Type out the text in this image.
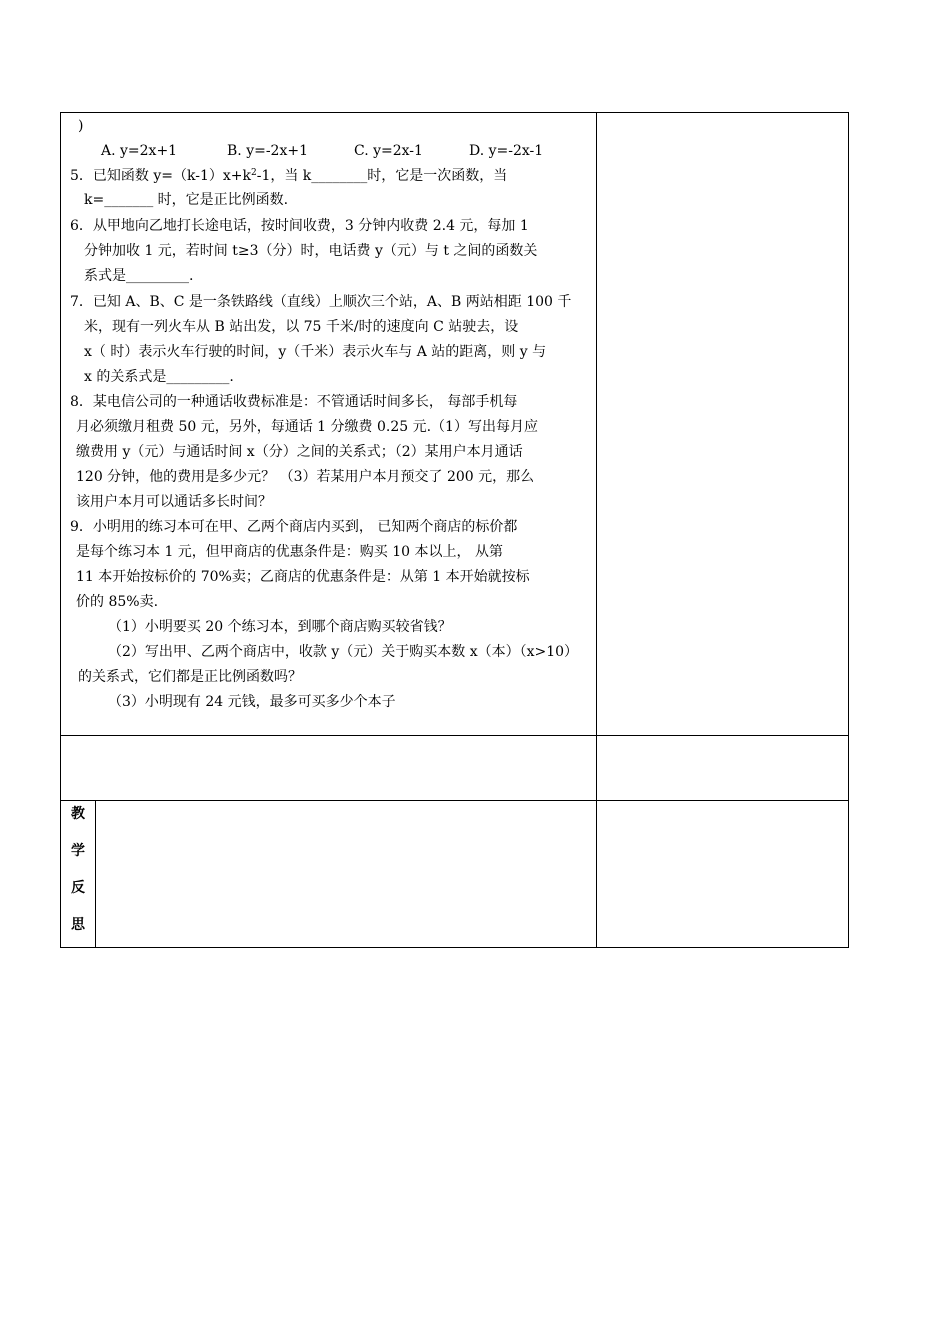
)
A. y=2x+1	B. y=-2x+1	C. y=2x-1	D. y=-2x-1
5．已知函数 $y=(k-1)x+k^2-1$，当 k________时，它是一次函数，当
k=_______ 时，它是正比例函数.
6．从甲地向乙地打长途电话，按时间收费，3 分钟内收费 2.4 元，每加 1
分钟加收 1 元，若时间 t≥3（分）时，电话费 y（元）与 t 之间的函数关
系式是_________.
7．已知 A、B、C 是一条铁路线（直线）上顺次三个站，A、B 两站相距 100 千
米，现有一列火车从 B 站出发，以 75 千米/时的速度向 C 站驶去，设
x（ 时）表示火车行驶的时间，y（千米）表示火车与 A 站的距离，则 y 与
x 的关系式是_________.
8．某电信公司的一种通话收费标准是：不管通话时间多长， 每部手机每
月必须缴月租费 50 元，另外，每通话 1 分缴费 0.25 元.（1）写出每月应
缴费用 y（元）与通话时间 x（分）之间的关系式；（2）某用户本月通话
120 分钟，他的费用是多少元？ （3）若某用户本月预交了 200 元，那么
该用户本月可以通话多长时间？
9．小明用的练习本可在甲、乙两个商店内买到， 已知两个商店的标价都
是每个练习本 1 元，但甲商店的优惠条件是：购买 10 本以上， 从第
11 本开始按标价的 70%卖；乙商店的优惠条件是：从第 1 本开始就按标
价的 85%卖.
（1）小明要买 20 个练习本，到哪个商店购买较省钱？
（2）写出甲、乙两个商店中，收款 y（元）关于购买本数 x（本）（x>10）
的关系式，它们都是正比例函数吗？
（3）小明现有 24 元钱，最多可买多少个本子
教
学
反
思
